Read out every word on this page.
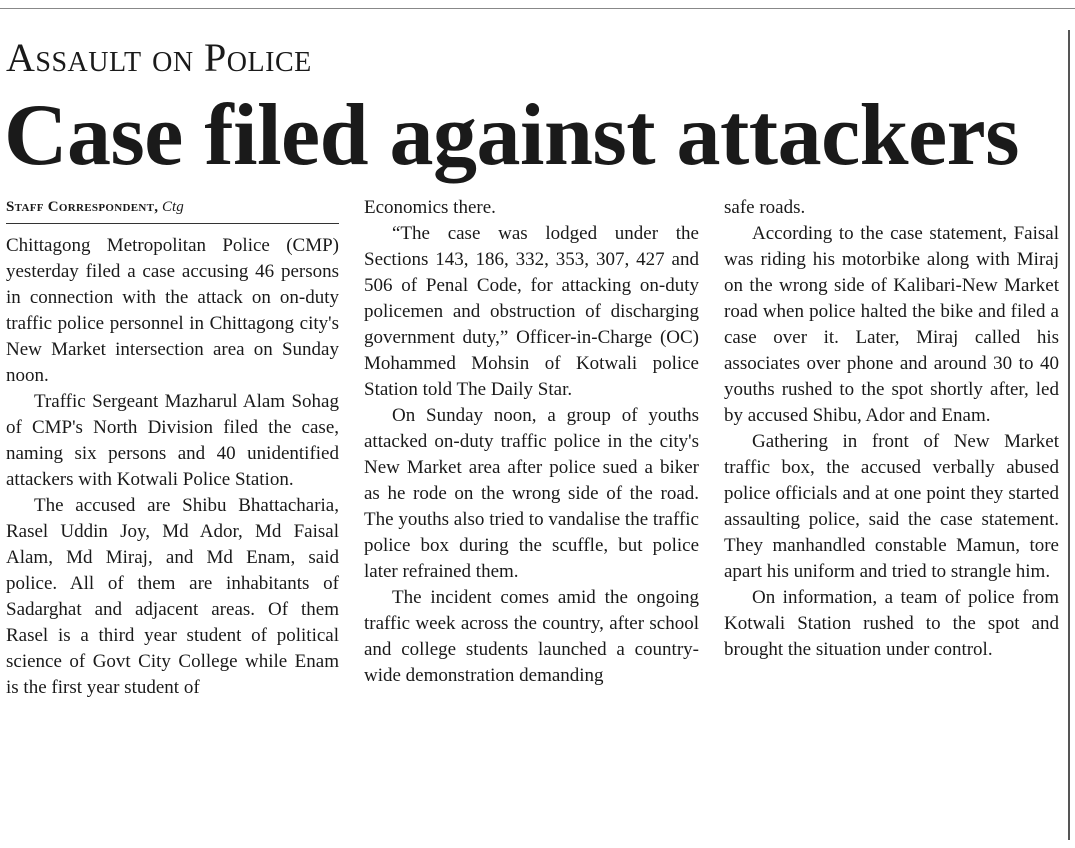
Assault on Police
Case filed against attackers
Staff Correspondent, Ctg

Chittagong Metropolitan Police (CMP) yesterday filed a case accusing 46 persons in connection with the attack on on-duty traffic police personnel in Chittagong city's New Market intersection area on Sunday noon.

Traffic Sergeant Mazharul Alam Sohag of CMP's North Division filed the case, naming six persons and 40 unidentified attackers with Kotwali Police Station.

The accused are Shibu Bhattacharia, Rasel Uddin Joy, Md Ador, Md Faisal Alam, Md Miraj, and Md Enam, said police. All of them are inhabitants of Sadarghat and adjacent areas. Of them Rasel is a third year student of political science of Govt City College while Enam is the first year student of

Economics there.

“The case was lodged under the Sections 143, 186, 332, 353, 307, 427 and 506 of Penal Code, for attacking on-duty policemen and obstruction of discharging government duty,” Officer-in-Charge (OC) Mohammed Mohsin of Kotwali police Station told The Daily Star.

On Sunday noon, a group of youths attacked on-duty traffic police in the city's New Market area after police sued a biker as he rode on the wrong side of the road. The youths also tried to vandalise the traffic police box during the scuffle, but police later refrained them.

The incident comes amid the ongoing traffic week across the country, after school and college students launched a country-wide demonstration demanding

safe roads.

According to the case statement, Faisal was riding his motorbike along with Miraj on the wrong side of Kalibari-New Market road when police halted the bike and filed a case over it. Later, Miraj called his associates over phone and around 30 to 40 youths rushed to the spot shortly after, led by accused Shibu, Ador and Enam.

Gathering in front of New Market traffic box, the accused verbally abused police officials and at one point they started assaulting police, said the case statement. They manhandled constable Mamun, tore apart his uniform and tried to strangle him.

On information, a team of police from Kotwali Station rushed to the spot and brought the situation under control.
